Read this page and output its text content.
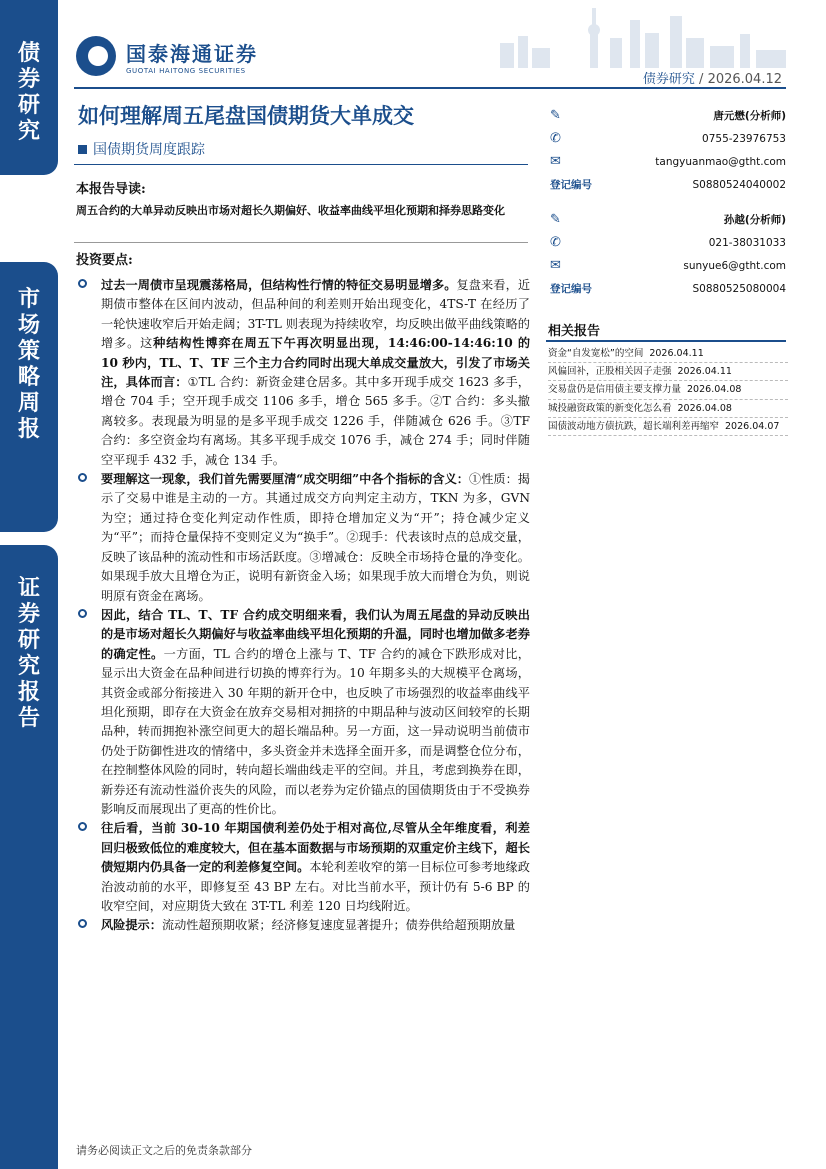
债
券
研
究
市
场
策
略
周
报
证
券
研
究
报
告
国泰海通证券
GUOTAI HAITONG SECURITIES
债券研究 / 2026.04.12
如何理解周五尾盘国债期货大单成交
国债期货周度跟踪
本报告导读:
周五合约的大单异动反映出市场对超长久期偏好、收益率曲线平坦化预期和择券思路变化
投资要点:
过去一周债市呈现震荡格局，但结构性行情的特征交易明显增多。复盘来看，近期债市整体在区间内波动，但品种间的利差则开始出现变化，4TS-T 在经历了一轮快速收窄后开始走阔；3T-TL 则表现为持续收窄，均反映出做平曲线策略的增多。这种结构性博弈在周五下午再次明显出现，14:46:00-14:46:10 的 10 秒内，TL、T、TF 三个主力合约同时出现大单成交量放大，引发了市场关注，具体而言：①TL 合约：新资金建仓居多。其中多开现手成交 1623 多手，增仓 704 手；空开现手成交 1106 多手，增仓 565 多手。②T 合约：多头撤离较多。表现最为明显的是多平现手成交 1226 手，伴随减仓 626 手。③TF 合约：多空资金均有离场。其多平现手成交 1076 手，减仓 274 手；同时伴随空平现手 432 手，减仓 134 手。
要理解这一现象，我们首先需要厘清“成交明细”中各个指标的含义：①性质：揭示了交易中谁是主动的一方。其通过成交方向判定主动方，TKN 为多，GVN 为空；通过持仓变化判定动作性质，即持仓增加定义为“开”；持仓减少定义为“平”；而持仓量保持不变则定义为“换手”。②现手：代表该时点的总成交量，反映了该品种的流动性和市场活跃度。③增减仓：反映全市场持仓量的净变化。如果现手放大且增仓为正，说明有新资金入场；如果现手放大而增仓为负，则说明原有资金在离场。
因此，结合 TL、T、TF 合约成交明细来看，我们认为周五尾盘的异动反映出的是市场对超长久期偏好与收益率曲线平坦化预期的升温，同时也增加做多老券的确定性。一方面，TL 合约的增仓上涨与 T、TF 合约的减仓下跌形成对比，显示出大资金在品种间进行切换的博弈行为。10 年期多头的大规模平仓离场，其资金或部分衔接进入 30 年期的新开仓中，也反映了市场强烈的收益率曲线平坦化预期，即存在大资金在放弃交易相对拥挤的中期品种与波动区间较窄的长期品种，转而拥抱补涨空间更大的超长端品种。另一方面，这一异动说明当前债市仍处于防御性进攻的情绪中，多头资金并未选择全面开多，而是调整仓位分布，在控制整体风险的同时，转向超长端曲线走平的空间。并且，考虑到换券在即，新券还有流动性溢价丧失的风险，而以老券为定价锚点的国债期货由于不受换券影响反而展现出了更高的性价比。
往后看，当前 30-10 年期国债利差仍处于相对高位,尽管从全年维度看，利差回归极致低位的难度较大，但在基本面数据与市场预期的双重定价主线下，超长债短期内仍具备一定的利差修复空间。本轮利差收窄的第一目标位可参考地缘政治波动前的水平，即修复至 43 BP 左右。对比当前水平，预计仍有 5-6 BP 的收窄空间，对应期货大致在 3T-TL 利差 120 日均线附近。
风险提示：流动性超预期收紧；经济修复速度显著提升；债券供给超预期放量
✎	唐元懋(分析师)
✆	0755-23976753
✉	tangyuanmao@gtht.com
登记编号	S0880524040002
✎	孙越(分析师)
✆	021-38031033
✉	sunyue6@gtht.com
登记编号	S0880525080004
相关报告
资金“自发宽松”的空间 2026.04.11
风偏回补，正股相关因子走强 2026.04.11
交易盘仍是信用债主要支撑力量 2026.04.08
城投融资政策的新变化怎么看 2026.04.08
国债波动地方债抗跌，超长端利差再缩窄 2026.04.07
请务必阅读正文之后的免责条款部分
